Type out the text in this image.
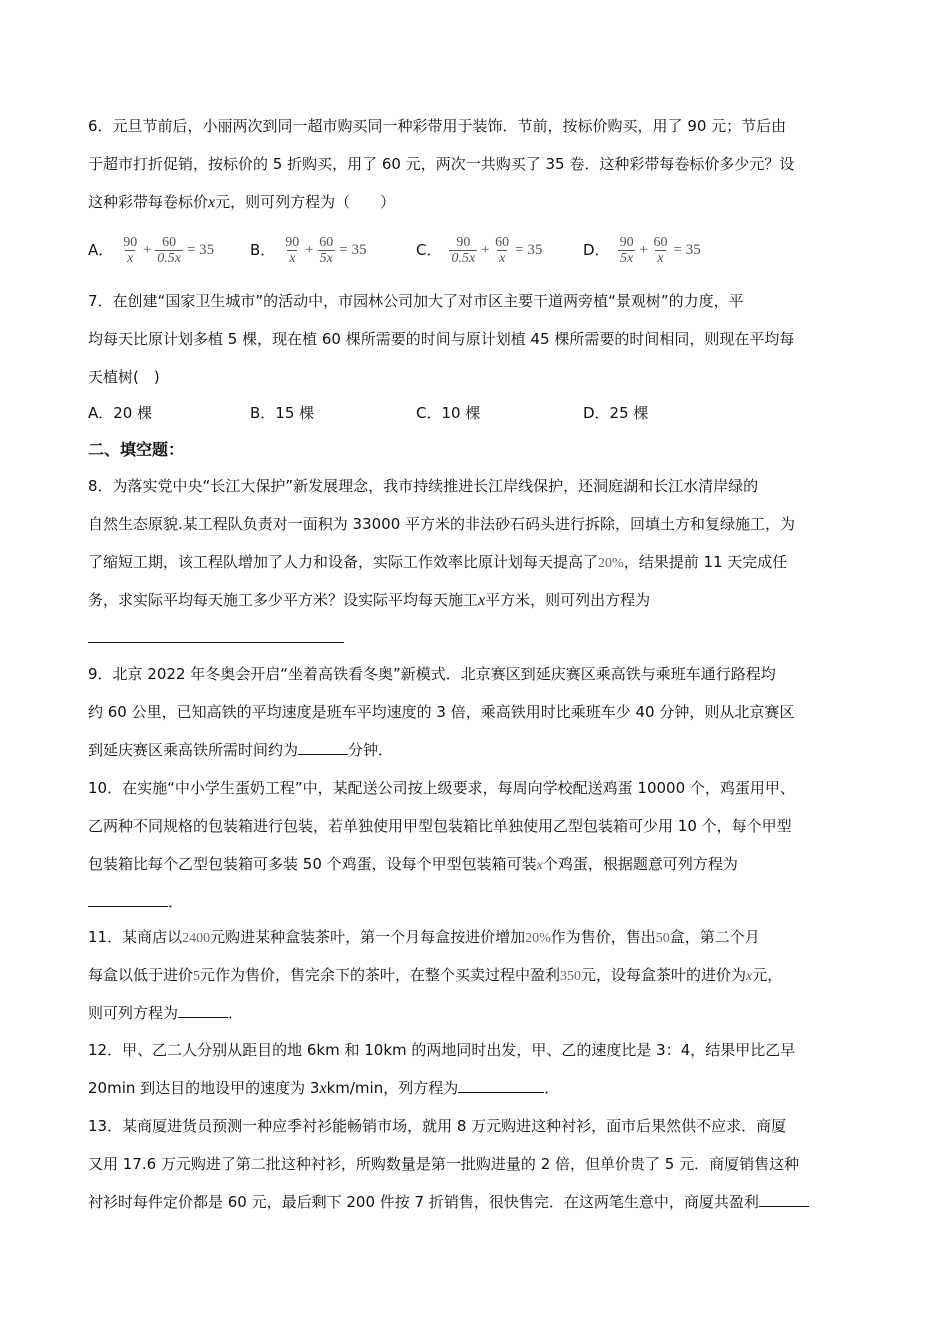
6．元旦节前后，小丽两次到同一超市购买同一种彩带用于装饰．节前，按标价购买，用了 90 元；节后由
于超市打折促销，按标价的 5 折购买，用了 60 元，两次一共购买了 35 卷．这种彩带每卷标价多少元？设
这种彩带每卷标价x元，则可列方程为（　　）
A． $\frac{90}{x} + \frac{60}{0.5x} = 35$ B． $\frac{90}{x} + \frac{60}{5x} = 35$	C． $\frac{90}{0.5x} + \frac{60}{x} = 35$	D． $\frac{90}{5x} + \frac{60}{x} = 35$
7．在创建“国家卫生城市”的活动中，市园林公司加大了对市区主要干道两旁植“景观树”的力度，平
均每天比原计划多植 5 棵，现在植 60 棵所需要的时间与原计划植 45 棵所需要的时间相同，则现在平均每
天植树(　)
A．20 棵	B．15 棵	C．10 棵	D．25 棵
二、填空题：
8．为落实党中央“长江大保护”新发展理念，我市持续推进长江岸线保护，还洞庭湖和长江水清岸绿的
自然生态原貌.某工程队负责对一面积为 33000 平方米的非法砂石码头进行拆除，回填土方和复绿施工，为
了缩短工期，该工程队增加了人力和设备，实际工作效率比原计划每天提高了20%，结果提前 11 天完成任
务，求实际平均每天施工多少平方米？设实际平均每天施工x平方米，则可列出方程为
9．北京 2022 年冬奥会开启“坐着高铁看冬奥”新模式．北京赛区到延庆赛区乘高铁与乘班车通行路程均
约 60 公里，已知高铁的平均速度是班车平均速度的 3 倍，乘高铁用时比乘班车少 40 分钟，则从北京赛区
到延庆赛区乘高铁所需时间约为	分钟．
10．在实施“中小学生蛋奶工程”中，某配送公司按上级要求，每周向学校配送鸡蛋 10000 个，鸡蛋用甲、
乙两种不同规格的包装箱进行包装，若单独使用甲型包装箱比单独使用乙型包装箱可少用 10 个，每个甲型
包装箱比每个乙型包装箱可多装 50 个鸡蛋，设每个甲型包装箱可装x个鸡蛋，根据题意可列方程为
．
11．某商店以2400元购进某种盒装茶叶，第一个月每盒按进价增加20%作为售价，售出50盒，第二个月
每盒以低于进价5元作为售价，售完余下的茶叶，在整个买卖过程中盈利350元，设每盒茶叶的进价为x元，
则可列方程为	．
12．甲、乙二人分别从距目的地 6km 和 10km 的两地同时出发，甲、乙的速度比是 3：4，结果甲比乙早
20min 到达目的地设甲的速度为 3xkm/min，列方程为	．
13．某商厦进货员预测一种应季衬衫能畅销市场，就用 8 万元购进这种衬衫，面市后果然供不应求．商厦
又用 17.6 万元购进了第二批这种衬衫，所购数量是第一批购进量的 2 倍，但单价贵了 5 元．商厦销售这种
衬衫时每件定价都是 60 元，最后剩下 200 件按 7 折销售，很快售完．在这两笔生意中，商厦共盈利
